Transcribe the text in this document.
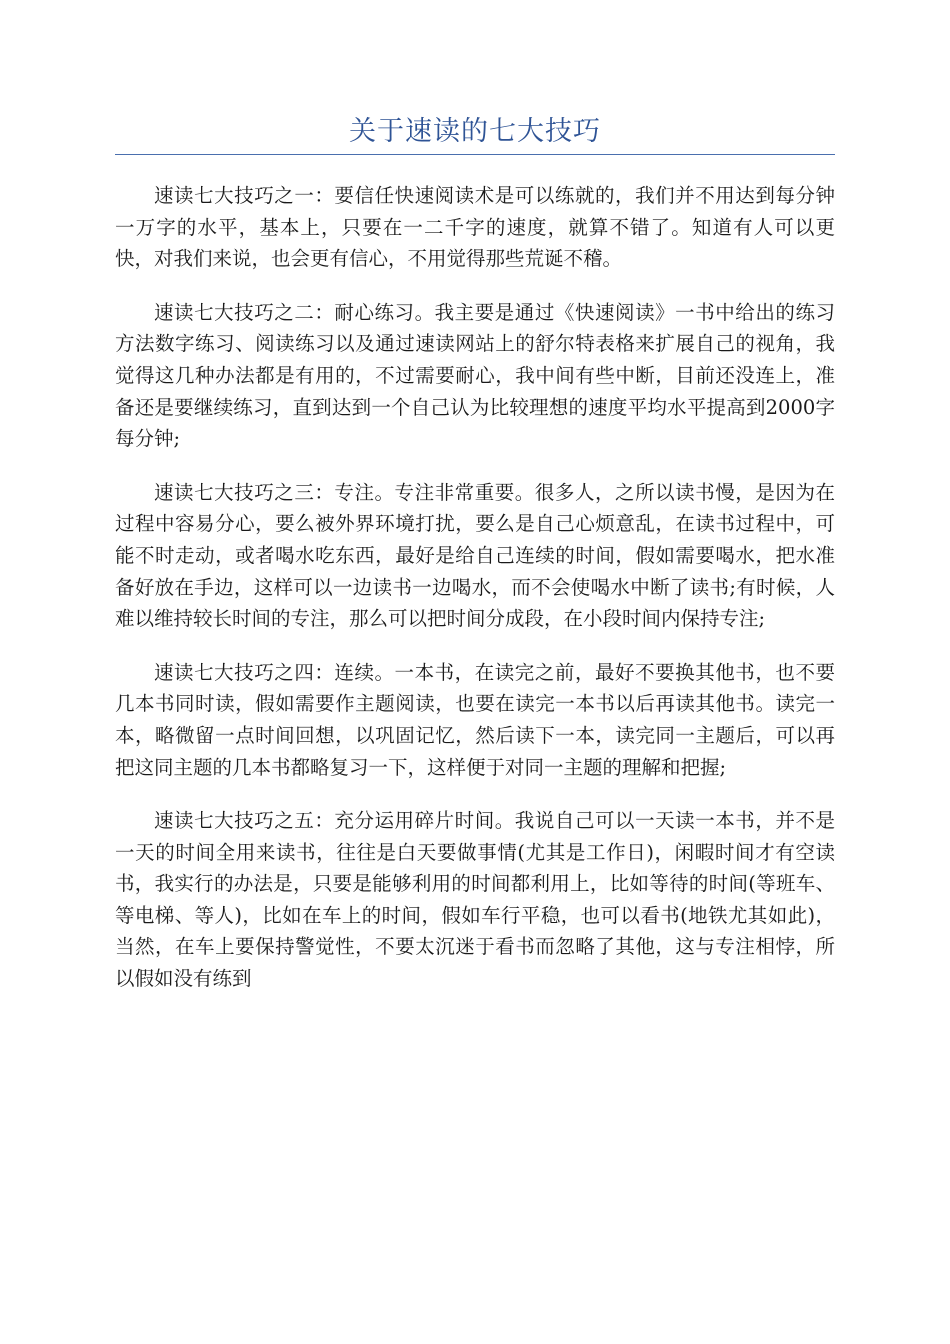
关于速读的七大技巧

速读七大技巧之一：要信任快速阅读术是可以练就的，我们并不用达到每分钟一万字的水平，基本上，只要在一二千字的速度，就算不错了。知道有人可以更快，对我们来说，也会更有信心，不用觉得那些荒诞不稽。

速读七大技巧之二：耐心练习。我主要是通过《快速阅读》一书中给出的练习方法数字练习、阅读练习以及通过速读网站上的舒尔特表格来扩展自己的视角，我觉得这几种办法都是有用的，不过需要耐心，我中间有些中断，目前还没连上，准备还是要继续练习，直到达到一个自己认为比较理想的速度平均水平提高到2000字每分钟;

速读七大技巧之三：专注。专注非常重要。很多人，之所以读书慢，是因为在过程中容易分心，要么被外界环境打扰，要么是自己心烦意乱，在读书过程中，可能不时走动，或者喝水吃东西，最好是给自己连续的时间，假如需要喝水，把水准备好放在手边，这样可以一边读书一边喝水，而不会使喝水中断了读书;有时候，人难以维持较长时间的专注，那么可以把时间分成段，在小段时间内保持专注;

速读七大技巧之四：连续。一本书，在读完之前，最好不要换其他书，也不要几本书同时读，假如需要作主题阅读，也要在读完一本书以后再读其他书。读完一本，略微留一点时间回想，以巩固记忆，然后读下一本，读完同一主题后，可以再把这同主题的几本书都略复习一下，这样便于对同一主题的理解和把握;

速读七大技巧之五：充分运用碎片时间。我说自己可以一天读一本书，并不是一天的时间全用来读书，往往是白天要做事情(尤其是工作日)，闲暇时间才有空读书，我实行的办法是，只要是能够利用的时间都利用上，比如等待的时间(等班车、等电梯、等人)，比如在车上的时间，假如车行平稳，也可以看书(地铁尤其如此)，当然，在车上要保持警觉性，不要太沉迷于看书而忽略了其他，这与专注相悖，所以假如没有练到
